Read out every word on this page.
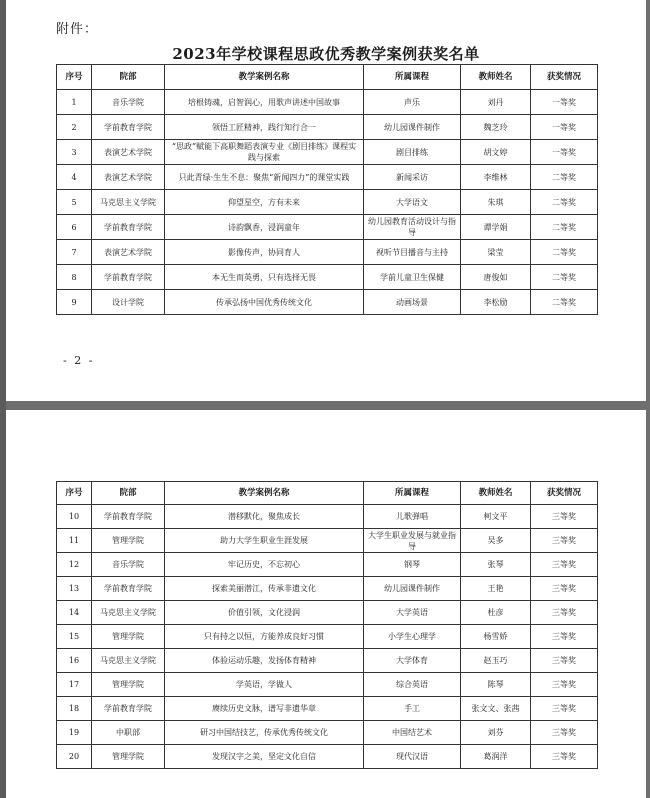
附件：
2023年学校课程思政优秀教学案例获奖名单
序号	院部	教学案例名称	所属课程	教师姓名	获奖情况
1	音乐学院	培根铸魂，启智润心，用歌声讲述中国故事	声乐	刘丹	一等奖
2	学前教育学院	领悟工匠精神，践行知行合一	幼儿园课件制作	魏芝玲	一等奖
3	表演艺术学院	“思政”赋能下高职舞蹈表演专业《剧目排练》课程实践与探索	剧目排练	胡文婷	一等奖
4	表演艺术学院	只此青绿·生生不息：聚焦“新闻四力”的课堂实践	新闻采访	李维林	二等奖
5	马克思主义学院	仰望星空，方有未来	大学语文	朱琪	二等奖
6	学前教育学院	诗韵飘香，浸润童年	幼儿园教育活动设计与指导	谭学娟	二等奖
7	表演艺术学院	影像传声，协同育人	视听节目播音与主持	梁莹	二等奖
8	学前教育学院	本无生而英勇，只有选择无畏	学前儿童卫生保健	唐俊如	二等奖
9	设计学院	传承弘扬中国优秀传统文化	动画场景	李松励	二等奖
- 2 -
序号	院部	教学案例名称	所属课程	教师姓名	获奖情况
10	学前教育学院	潜移默化，聚焦成长	儿歌弹唱	柯文平	三等奖
11	管理学院	助力大学生职业生涯发展	大学生职业发展与就业指导	吴多	三等奖
12	音乐学院	牢记历史，不忘初心	钢琴	张琴	三等奖
13	学前教育学院	探索美丽潜江，传承非遗文化	幼儿园课件制作	王艳	三等奖
14	马克思主义学院	价值引领，文化浸润	大学英语	杜彦	三等奖
15	管理学院	只有持之以恒，方能养成良好习惯	小学生心理学	杨雪娇	三等奖
16	马克思主义学院	体验运动乐趣，发扬体育精神	大学体育	赵玉巧	三等奖
17	管理学院	学英语，学做人	综合英语	陈琴	三等奖
18	学前教育学院	赓续历史文脉，谱写非遗华章	手工	张文文、张茜	三等奖
19	中职部	研习中国结技艺，传承优秀传统文化	中国结艺术	刘芬	三等奖
20	管理学院	发现汉字之美，坚定文化自信	现代汉语	葛润洋	三等奖
